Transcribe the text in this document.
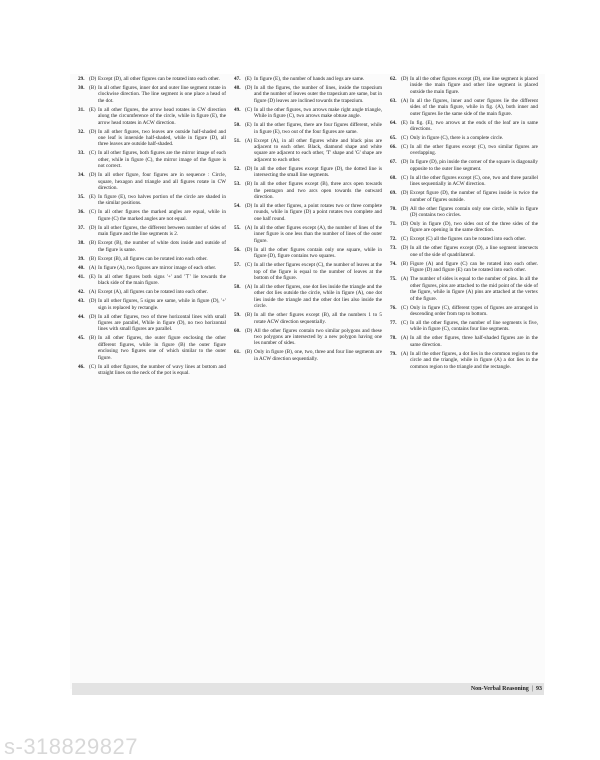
29. (D) Except (D), all other figures can be rotated into each other.
30. (B) In all other figures, inner dot and outer line segment rotate in clockwise direction. The line segment is one place a head of the dot.
31. (E) In all other figures, the arrow head rotates in CW direction along the circumference of the circle, while in figure (E), the arrow head rotates in ACW direction.
32. (D) In all other figures, two leaves are outside half-shaded and one leaf is innerside half-shaded, while in figure (D), all three leaves are outside half-shaded.
33. (C) In all other figures, both figures are the mirror image of each other, while in figure (C), the mirror image of the figure is not correct.
34. (D) In all other figure, four figures are in sequence : Circle, square, hexagon and triangle and all figures rotate in CW direction.
35. (E) In figure (E), two halves portion of the circle are shaded in the similar positions.
36. (C) In all other figures the marked angles are equal, while in figure (C) the marked angles are not equal.
37. (D) In all other figures, the different between number of sides of main figure and the line segments is 2.
38. (B) Except (B), the number of white dots inside and outside of the figure is same.
39. (B) Except (B), all figures can be rotated into each other.
40. (A) In figure (A), two figures are mirror image of each other.
41. (E) In all other figures both signs '+' and '⊤' lie towards the black side of the main figure.
42. (A) Except (A), all figures can be rotated into each other.
43. (D) In all other figures, 5 signs are same, while in figure (D), '+' sign is replaced by rectangle.
44. (D) In all other figures, two of three horizontal lines with small figures are parallel, While in figure (D), no two horizontal lines with small figures are parallel.
45. (B) In all other figures, the outer figure enclosing the other different figures, while in figure (B) the outer figure enclosing two figures one of which similar to the outer figure.
46. (C) In all other figures, the number of wavy lines at bottom and straight lines on the neck of the pot is equal.
47. (E) In figure (E), the number of hands and legs are same.
48. (D) In all the figures, the number of lines, inside the trapezium and the number of leaves outer the trapezium are same, but in figure (D) leaves are inclined towards the trapezium.
49. (C) In all the other figures, two arrows make right angle triangle, While in figure (C), two arrows make obtuse angle.
50. (E) In all the other figures, there are four figures different, while in figure (E), two out of the four figures are same.
51. (A) Except (A), in all other figures white and black pins are adjacent to each other. Black, diamond shape and white square are adjacent to each other, 'T' shape and 'G' shape are adjacent to each other.
52. (D) In all the other figures except figure (D), the dotted line is intersecting the small line segments.
53. (B) In all the other figures except (B), three arcs open towards the pentagon and two arcs open towards the outward direction.
54. (D) In all the other figures, a point rotates two or three complete rounds, while in figure (D) a point rotates two complete and one half round.
55. (A) In all the other figures except (A), the number of lines of the inner figure is one less than the number of lines of the outer figure.
56. (D) In all the other figures contain only one square, while in figure (D), figure contains two squares.
57. (C) In all the other figures except (C), the number of leaves at the top of the figure is equal to the number of leaves at the bottom of the figure.
58. (A) In all the other figures, one dot lies inside the triangle and the other dot lies outside the circle, while in figure (A), one dot lies inside the triangle and the other dot lies also inside the circle.
59. (B) In all the other figures except (B), all the numbers 1 to 5 rotate ACW direction sequentially.
60. (D) All the other figures contain two similar polygons and these two polygons are intersected by a new polygon having one les number of sides.
61. (B) Only in figure (B), one, two, three and four line segments are in ACW direction sequentially.
62. (D) In all the other figures except (D), one line segment is placed inside the main figure and other line segment is placed outside the main figure.
63. (A) In all the figures, inner and outer figures lie the different sides of the main figure, while in fig. (A), both inner and outer figures lie the same side of the main figure.
64. (E) In fig. (E), two arrows at the ends of the leaf are in same directions.
65. (C) Only in figure (C), there is a complete circle.
66. (C) In all the other figures except (C), two similar figures are overlapping.
67. (D) In figure (D), pin inside the corner of the square is diagonally opposite to the outer line segment.
68. (C) In all the other figures except (C), one, two and three parallel lines sequentially in ACW direction.
69. (D) Except figure (D), the number of figures inside is twice the number of figures outside.
70. (D) All the other figures contain only one circle, while in figure (D) contains two circles.
71. (D) Only in figure (D), two sides out of the three sides of the figure are opening in the same direction.
72. (C) Except (C) all the figures can be rotated into each other.
73. (D) In all the other figures except (D), a line segment intersects one of the side of quadrilateral.
74. (B) Figure (A) and figure (C) can be rotated into each other. Figure (D) and figure (E) can be rotated into each other.
75. (A) The number of sides is equal to the number of pins. In all the other figures, pins are attached to the mid point of the side of the figure, while in figure (A) pins are attached at the vertex of the figure.
76. (C) Only in figure (C), different types of figures are arranged in descending order from top to bottom.
77. (C) In all the other figures, the number of line segments is five, while in figure (C), contains four line segments.
78. (A) In all the other figures, three half-shaded figures are in the same direction.
79. (A) In all the other figures, a dot lies in the common region to the circle and the triangle, while in figure (A) a dot lies in the common region to the triangle and the rectangle.
Non-Verbal Reasoning | 93
s-318829827
